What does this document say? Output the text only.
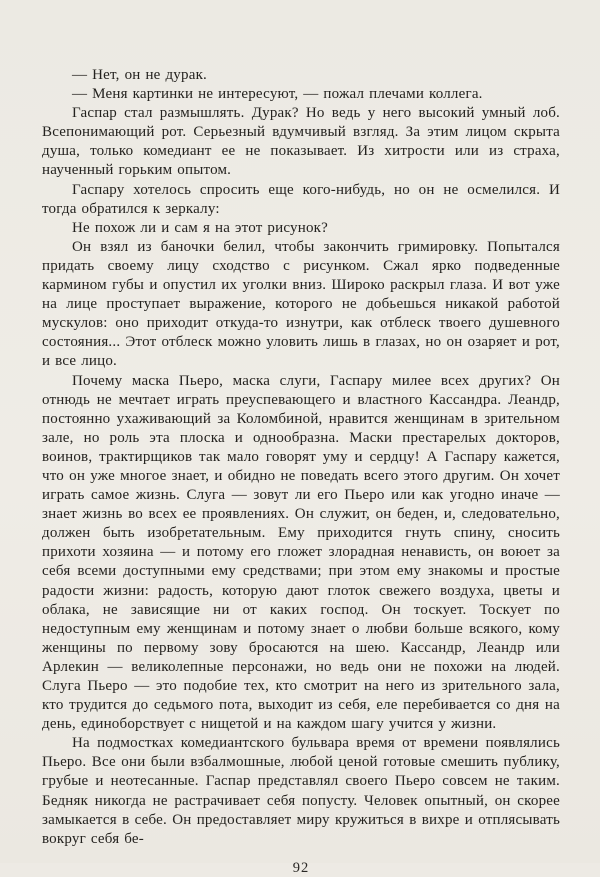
— Нет, он не дурак.

— Меня картинки не интересуют, — пожал плечами коллега.

Гаспар стал размышлять. Дурак? Но ведь у него высокий умный лоб. Всепонимающий рот. Серьезный вдумчивый взгляд. За этим лицом скрыта душа, только комедиант ее не показывает. Из хитрости или из страха, наученный горьким опытом.

Гаспару хотелось спросить еще кого-нибудь, но он не осмелился. И тогда обратился к зеркалу:

Не похож ли и сам я на этот рисунок?

Он взял из баночки белил, чтобы закончить гримировку. Попытался придать своему лицу сходство с рисунком. Сжал ярко подведенные кармином губы и опустил их уголки вниз. Широко раскрыл глаза. И вот уже на лице проступает выражение, которого не добьешься никакой работой мускулов: оно приходит откуда-то изнутри, как отблеск твоего душевного состояния... Этот отблеск можно уловить лишь в глазах, но он озаряет и рот, и все лицо.

Почему маска Пьеро, маска слуги, Гаспару милее всех других? Он отнюдь не мечтает играть преуспевающего и властного Кассандра. Леандр, постоянно ухаживающий за Коломбиной, нравится женщинам в зрительном зале, но роль эта плоска и однообразна. Маски престарелых докторов, воинов, трактирщиков так мало говорят уму и сердцу! А Гаспару кажется, что он уже многое знает, и обидно не поведать всего этого другим. Он хочет играть самое жизнь. Слуга — зовут ли его Пьеро или как угодно иначе — знает жизнь во всех ее проявлениях. Он служит, он беден, и, следовательно, должен быть изобретательным. Ему приходится гнуть спину, сносить прихоти хозяина — и потому его гложет злорадная ненависть, он воюет за себя всеми доступными ему средствами; при этом ему знакомы и простые радости жизни: радость, которую дают глоток свежего воздуха, цветы и облака, не зависящие ни от каких господ. Он тоскует. Тоскует по недоступным ему женщинам и потому знает о любви больше всякого, кому женщины по первому зову бросаются на шею. Кассандр, Леандр или Арлекин — великолепные персонажи, но ведь они не похожи на людей. Слуга Пьеро — это подобие тех, кто смотрит на него из зрительного зала, кто трудится до седьмого пота, выходит из себя, еле перебивается со дня на день, единоборствует с нищетой и на каждом шагу учится у жизни.

На подмостках комедиантского бульвара время от времени появлялись Пьеро. Все они были взбалмошные, любой ценой готовые смешить публику, грубые и неотесанные. Гаспар представлял своего Пьеро совсем не таким. Бедняк никогда не растрачивает себя попусту. Человек опытный, он скорее замыкается в себе. Он предоставляет миру кружиться в вихре и отплясывать вокруг себя бе-

92
